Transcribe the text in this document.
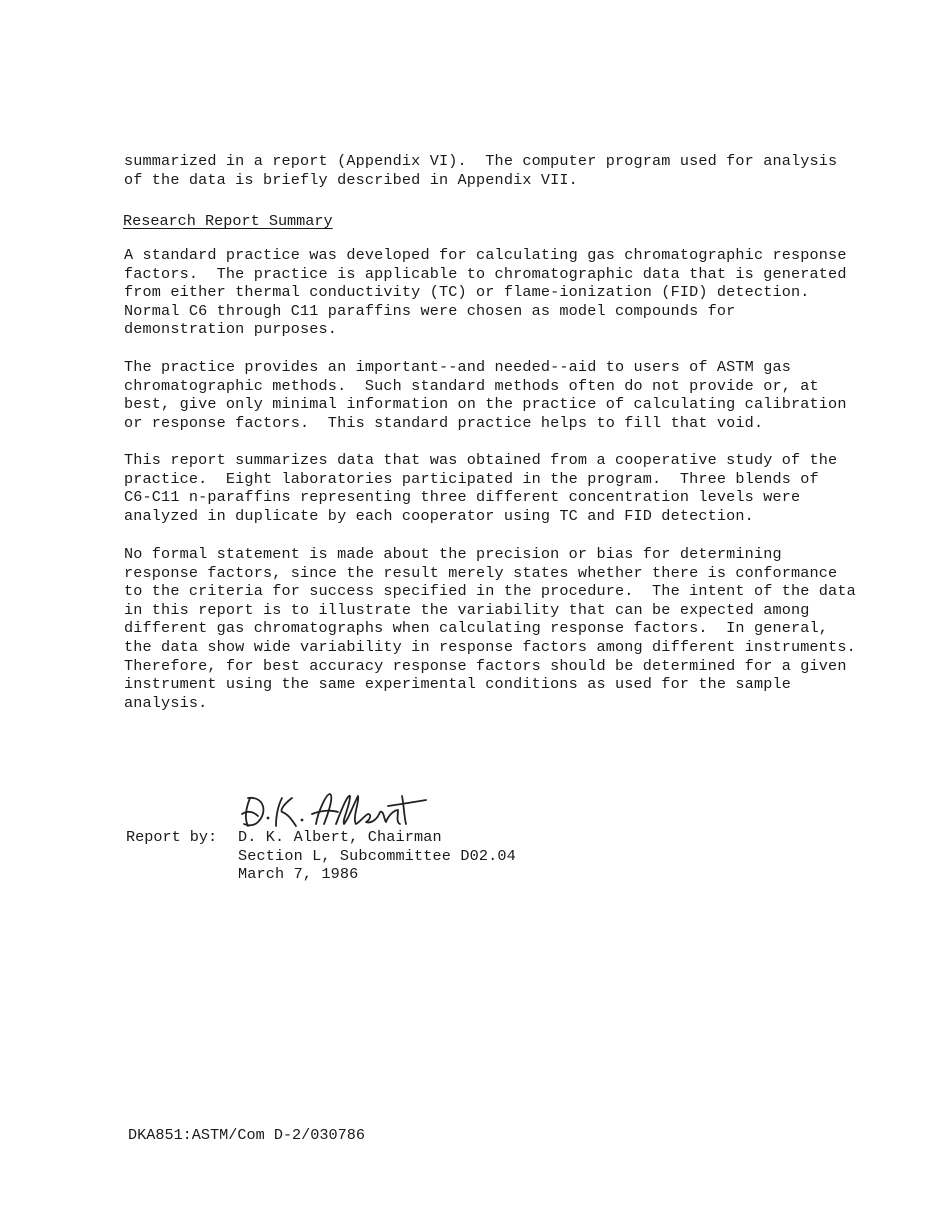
summarized in a report (Appendix VI).  The computer program used for analysis
of the data is briefly described in Appendix VII.
Research Report Summary
A standard practice was developed for calculating gas chromatographic response
factors.  The practice is applicable to chromatographic data that is generated
from either thermal conductivity (TC) or flame-ionization (FID) detection.
Normal C6 through C11 paraffins were chosen as model compounds for
demonstration purposes.
The practice provides an important--and needed--aid to users of ASTM gas
chromatographic methods.  Such standard methods often do not provide or, at
best, give only minimal information on the practice of calculating calibration
or response factors.  This standard practice helps to fill that void.
This report summarizes data that was obtained from a cooperative study of the
practice.  Eight laboratories participated in the program.  Three blends of
C6-C11 n-paraffins representing three different concentration levels were
analyzed in duplicate by each cooperator using TC and FID detection.
No formal statement is made about the precision or bias for determining
response factors, since the result merely states whether there is conformance
to the criteria for success specified in the procedure.  The intent of the data
in this report is to illustrate the variability that can be expected among
different gas chromatographs when calculating response factors.  In general,
the data show wide variability in response factors among different instruments.
Therefore, for best accuracy response factors should be determined for a given
instrument using the same experimental conditions as used for the sample
analysis.
Report by: D. K. Albert, Chairman
Section L, Subcommittee D02.04
March 7, 1986
DKA851:ASTM/Com D-2/030786
